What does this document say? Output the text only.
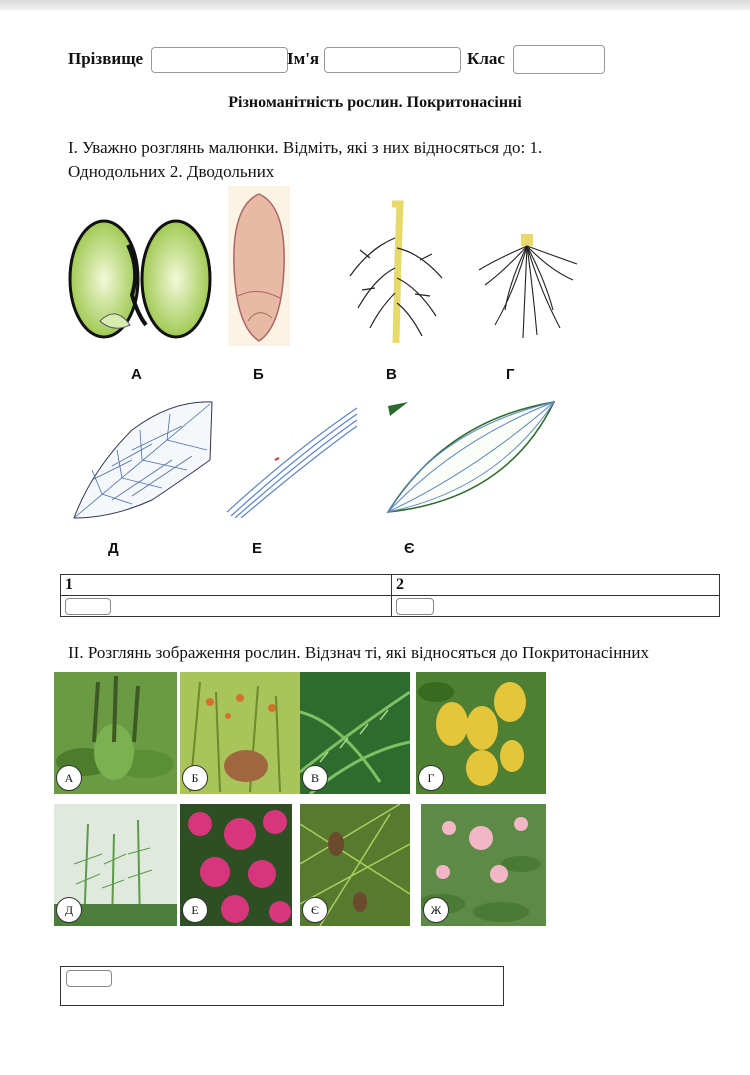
Прізвище	Ім'я	Клас
Різноманітність рослин. Покритонасінні
І. Уважно розглянь малюнки. Відміть, які з них відносяться до: 1.
Однодольних 2. Дводольних
А	Б	В	Г
Д	Е	Є
1	2

ІІ. Розглянь зображення рослин. Відзнач ті, які відносяться до Покритонасінних
А	Б	В	Г
Д	Е	Є	Ж
